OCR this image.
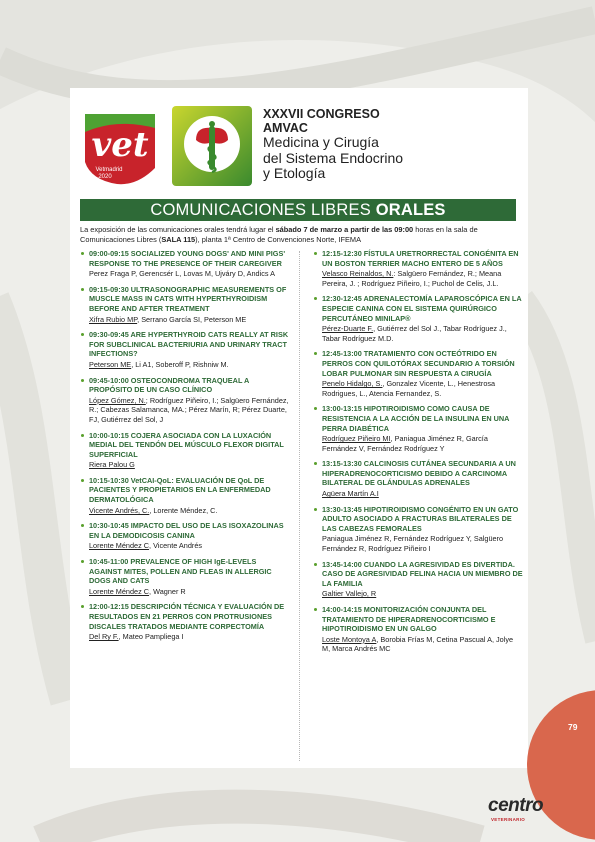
vet
Vetmadrid
2020
XXXVII CONGRESO
AMVAC
Medicina y Cirugía
del Sistema Endocrino
y Etología
COMUNICACIONES LIBRES ORALES
La exposición de las comunicaciones orales tendrá lugar el sábado 7 de marzo a partir de las 09:00 horas en la sala de Comunicaciones Libres (SALA 115), planta 1ª Centro de Convenciones Norte, IFEMA
09:00-09:15 SOCIALIZED YOUNG DOGS' AND MINI PIGS' RESPONSE TO THE PRESENCE OF THEIR CAREGIVER
Perez Fraga P, Gerencsér L, Lovas M, Ujváry D, Andics A
09:15-09:30 ULTRASONOGRAPHIC MEASUREMENTS OF MUSCLE MASS IN CATS WITH HYPERTHYROIDISM BEFORE AND AFTER TREATMENT
Xifra Rubio MP, Serrano García SI, Peterson ME
09:30-09:45 ARE HYPERTHYROID CATS REALLY AT RISK FOR SUBCLINICAL BACTERIURIA AND URINARY TRACT INFECTIONS?
Peterson ME, Li A1, Soberoff P, Rishniw M.
09:45-10:00 OSTEOCONDROMA TRAQUEAL A PROPÓSITO DE UN CASO CLÍNICO
López Gómez, N.; Rodríguez Piñeiro, I.; Salgüero Fernández, R.; Cabezas Salamanca, MA.; Pérez Marín, R; Pérez Duarte, FJ, Gutiérrez del Sol, J
10:00-10:15 COJERA ASOCIADA CON LA LUXACIÓN MEDIAL DEL TENDÓN DEL MÚSCULO FLEXOR DIGITAL SUPERFICIAL
Riera Palou G
10:15-10:30 VetCAI-QoL: EVALUACIÓN DE QoL DE PACIENTES Y PROPIETARIOS EN LA ENFERMEDAD DERMATOLÓGICA
Vicente Andrés, C., Lorente Méndez, C.
10:30-10:45 IMPACTO DEL USO DE LAS ISOXAZOLINAS EN LA DEMODICOSIS CANINA
Lorente Méndez C, Vicente Andrés
10:45-11:00 PREVALENCE OF HIGH IgE-LEVELS AGAINST MITES, POLLEN AND FLEAS IN ALLERGIC DOGS AND CATS
Lorente Méndez C, Wagner R
12:00-12:15 DESCRIPCIÓN TÉCNICA Y EVALUACIÓN DE RESULTADOS EN 21 PERROS CON PROTRUSIONES DISCALES TRATADOS MEDIANTE CORPECTOMÍA
Del Ry F., Mateo Pampliega I
12:15-12:30 FÍSTULA URETRORRECTAL CONGÉNITA EN UN BOSTON TERRIER MACHO ENTERO DE 5 AÑOS
Velasco Reinaldos, N.: Salgüero Fernández, R.; Meana Pereira, J. ; Rodríguez Piñeiro, I.; Puchol de Celis, J.L.
12:30-12:45 ADRENALECTOMÍA LAPAROSCÓPICA EN LA ESPECIE CANINA CON EL SISTEMA QUIRÚRGICO PERCUTÁNEO MINILAP®
Pérez-Duarte F., Gutiérrez del Sol J., Tabar Rodríguez J., Tabar Rodríguez M.D.
12:45-13:00 TRATAMIENTO CON OCTEÓTRIDO EN PERROS CON QUILOTÓRAX SECUNDARIO A TORSIÓN LOBAR PULMONAR SIN RESPUESTA A CIRUGÍA
Penelo Hidalgo, S., Gonzalez Vicente, L., Henestrosa Rodrigues, L., Atencia Fernandez, S.
13:00-13:15 HIPOTIROIDISMO COMO CAUSA DE RESISTENCIA A LA ACCIÓN DE LA INSULINA EN UNA PERRA DIABÉTICA
Rodríguez Piñeiro MI, Paniagua Jiménez R, García Fernández V, Fernández Rodríguez Y
13:15-13:30 CALCINOSIS CUTÁNEA SECUNDARIA A UN HIPERADRENOCORTICISMO DEBIDO A CARCINOMA BILATERAL DE GLÁNDULAS ADRENALES
Agüera Martín A.I
13:30-13:45 HIPOTIROIDISMO CONGÉNITO EN UN GATO ADULTO ASOCIADO A FRACTURAS BILATERALES DE LAS CABEZAS FEMORALES
Paniagua Jiménez R, Fernández Rodríguez Y, Salgüero Fernández R, Rodríguez Piñeiro I
13:45-14:00 CUANDO LA AGRESIVIDAD ES DIVERTIDA. CASO DE AGRESIVIDAD FELINA HACIA UN MIEMBRO DE LA FAMILIA
Galtier Vallejo, R
14:00-14:15 MONITORIZACIÓN CONJUNTA DEL TRATAMIENTO DE HIPERADRENOCORTICISMO E HIPOTIROIDISMO EN UN GALGO
Loste Montoya A, Borobia Frías M, Cetina Pascual A, Jolye M, Marca Andrés MC
79
centro
VETERINARIO
